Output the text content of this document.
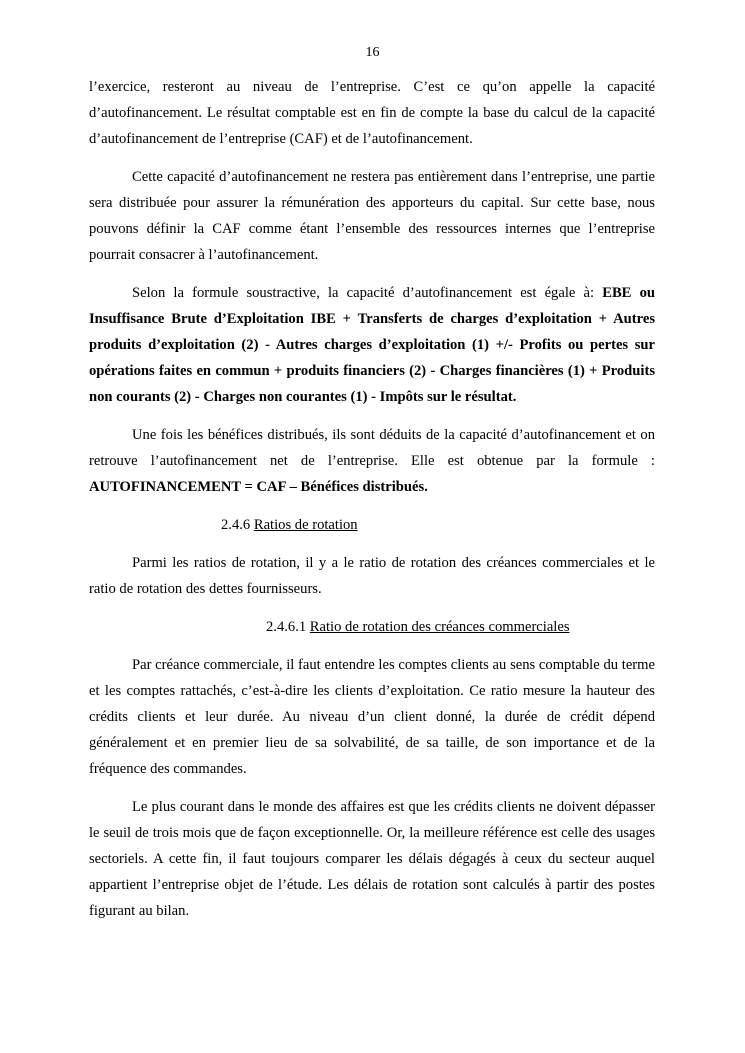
16

l’exercice, resteront au niveau de l’entreprise. C’est ce qu’on appelle la capacité d’autofinancement. Le résultat comptable est en fin de compte la base du calcul de la capacité d’autofinancement de l’entreprise (CAF) et de l’autofinancement.

Cette capacité d’autofinancement ne restera pas entièrement dans l’entreprise, une partie sera distribuée pour assurer la rémunération des apporteurs du capital. Sur cette base, nous pouvons définir la CAF comme étant l’ensemble des ressources internes que l’entreprise pourrait consacrer à l’autofinancement.

Selon la formule soustractive, la capacité d’autofinancement est égale à: EBE ou Insuffisance Brute d’Exploitation IBE + Transferts de charges d’exploitation + Autres produits d’exploitation (2) - Autres charges d’exploitation (1) +/- Profits ou pertes sur opérations faites en commun + produits financiers (2) - Charges financières (1) + Produits non courants (2) - Charges non courantes (1) - Impôts sur le résultat.

Une fois les bénéfices distribués, ils sont déduits de la capacité d’autofinancement et on retrouve l’autofinancement net de l’entreprise. Elle est obtenue par la formule : AUTOFINANCEMENT = CAF – Bénéfices distribués.

2.4.6 Ratios de rotation

Parmi les ratios de rotation, il y a le ratio de rotation des créances commerciales et le ratio de rotation des dettes fournisseurs.

2.4.6.1 Ratio de rotation des créances commerciales

Par créance commerciale, il faut entendre les comptes clients au sens comptable du terme et les comptes rattachés, c’est-à-dire les clients d’exploitation. Ce ratio mesure la hauteur des crédits clients et leur durée. Au niveau d’un client donné, la durée de crédit dépend généralement et en premier lieu de sa solvabilité, de sa taille, de son importance et de la fréquence des commandes.

Le plus courant dans le monde des affaires est que les crédits clients ne doivent dépasser le seuil de trois mois que de façon exceptionnelle. Or, la meilleure référence est celle des usages sectoriels. A cette fin, il faut toujours comparer les délais dégagés à ceux du secteur auquel appartient l’entreprise objet de l’étude. Les délais de rotation sont calculés à partir des postes figurant au bilan.
